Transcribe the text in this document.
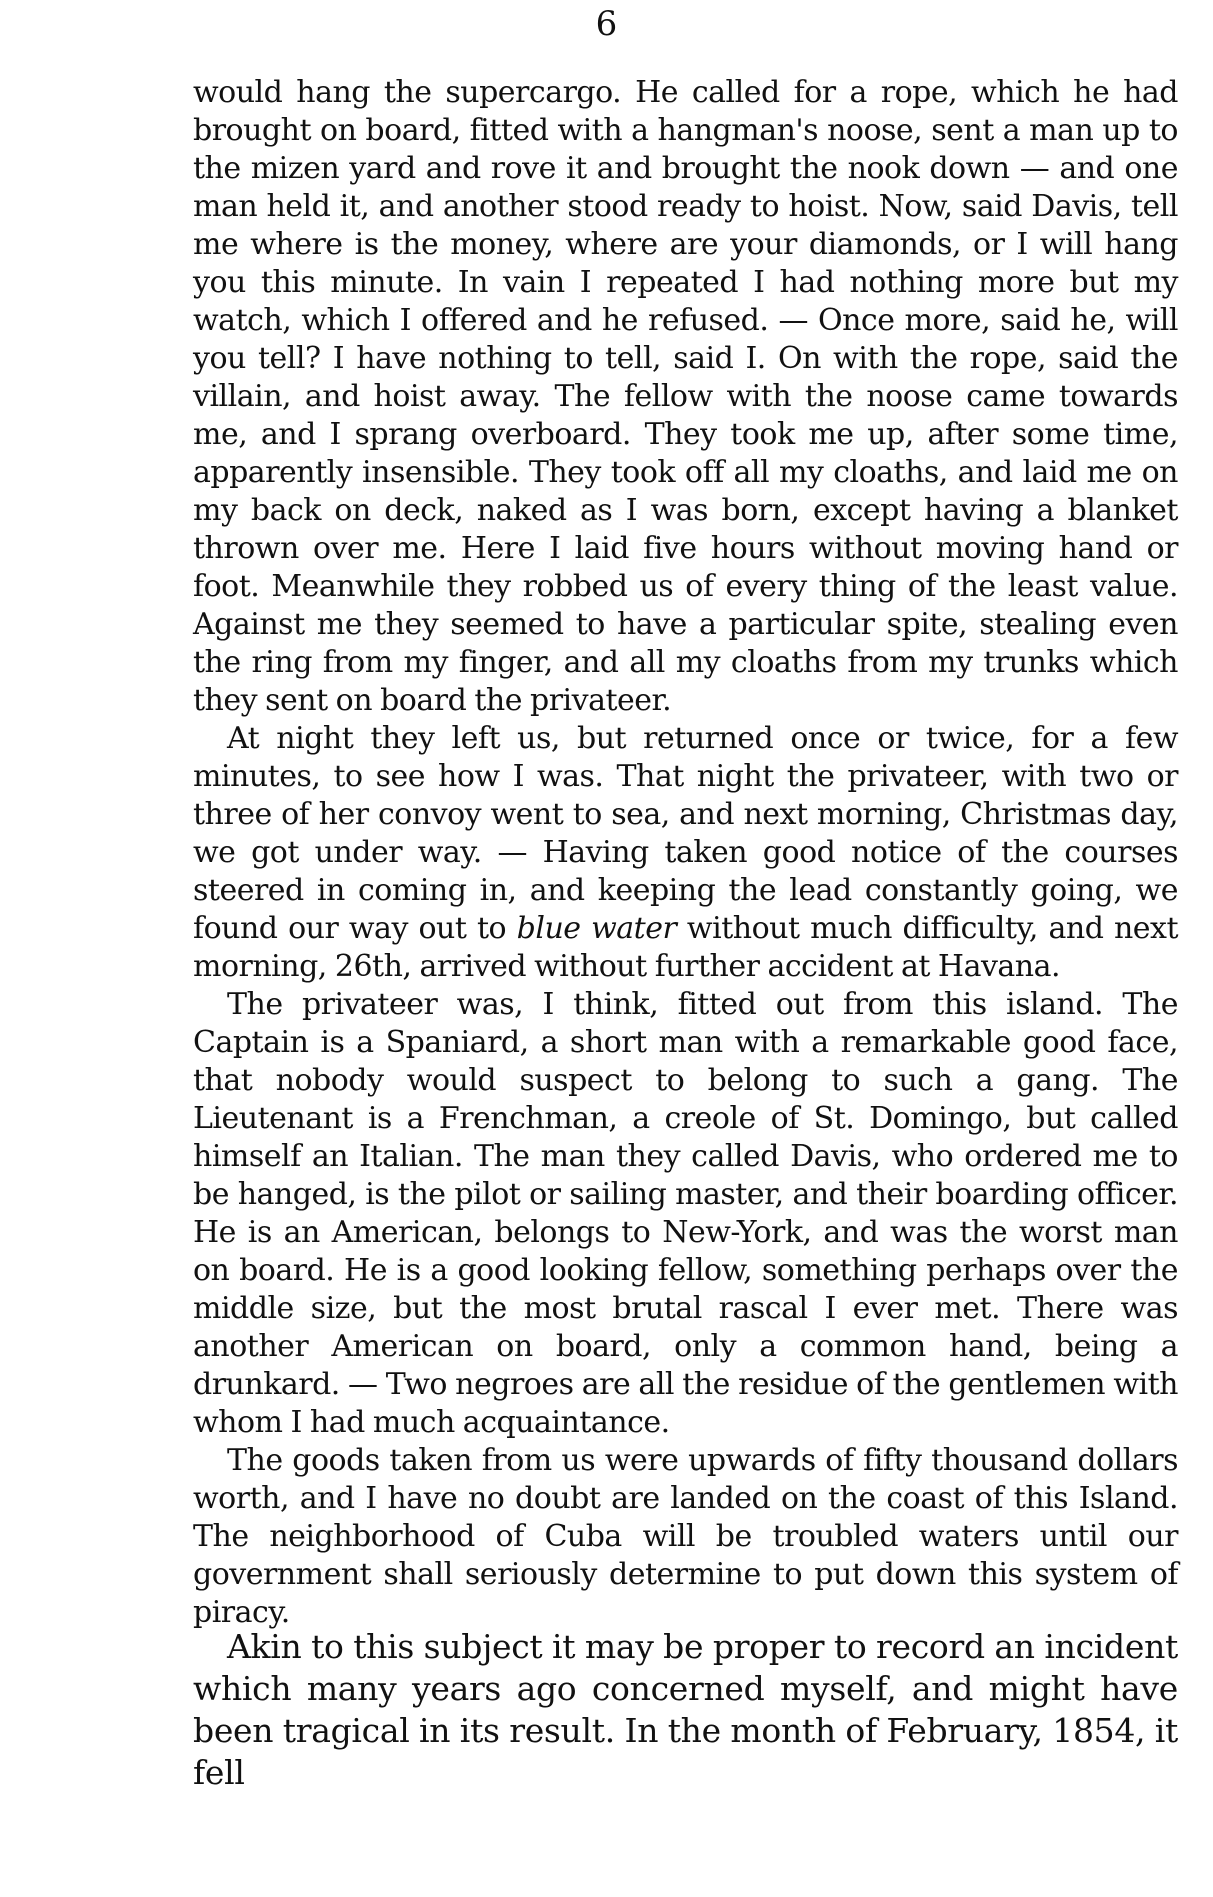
6

would hang the supercargo. He called for a rope, which he had brought on board, fitted with a hangman's noose, sent a man up to the mizen yard and rove it and brought the nook down — and one man held it, and another stood ready to hoist. Now, said Davis, tell me where is the money, where are your diamonds, or I will hang you this minute. In vain I repeated I had nothing more but my watch, which I offered and he refused. — Once more, said he, will you tell? I have nothing to tell, said I. On with the rope, said the villain, and hoist away. The fellow with the noose came towards me, and I sprang overboard. They took me up, after some time, apparently insensible. They took off all my cloaths, and laid me on my back on deck, naked as I was born, except having a blanket thrown over me. Here I laid five hours without moving hand or foot. Meanwhile they robbed us of every thing of the least value. Against me they seemed to have a particular spite, stealing even the ring from my finger, and all my cloaths from my trunks which they sent on board the privateer.

At night they left us, but returned once or twice, for a few minutes, to see how I was. That night the privateer, with two or three of her convoy went to sea, and next morning, Christmas day, we got under way. — Having taken good notice of the courses steered in coming in, and keeping the lead constantly going, we found our way out to blue water without much difficulty, and next morning, 26th, arrived without further accident at Havana.

The privateer was, I think, fitted out from this island. The Captain is a Spaniard, a short man with a remarkable good face, that nobody would suspect to belong to such a gang. The Lieutenant is a Frenchman, a creole of St. Domingo, but called himself an Italian. The man they called Davis, who ordered me to be hanged, is the pilot or sailing master, and their boarding officer. He is an American, belongs to New-York, and was the worst man on board. He is a good looking fellow, something perhaps over the middle size, but the most brutal rascal I ever met. There was another American on board, only a common hand, being a drunkard. — Two negroes are all the residue of the gentlemen with whom I had much acquaintance.

The goods taken from us were upwards of fifty thousand dollars worth, and I have no doubt are landed on the coast of this Island. The neighborhood of Cuba will be troubled waters until our government shall seriously determine to put down this system of piracy.

Akin to this subject it may be proper to record an incident which many years ago concerned myself, and might have been tragical in its result. In the month of February, 1854, it fell
